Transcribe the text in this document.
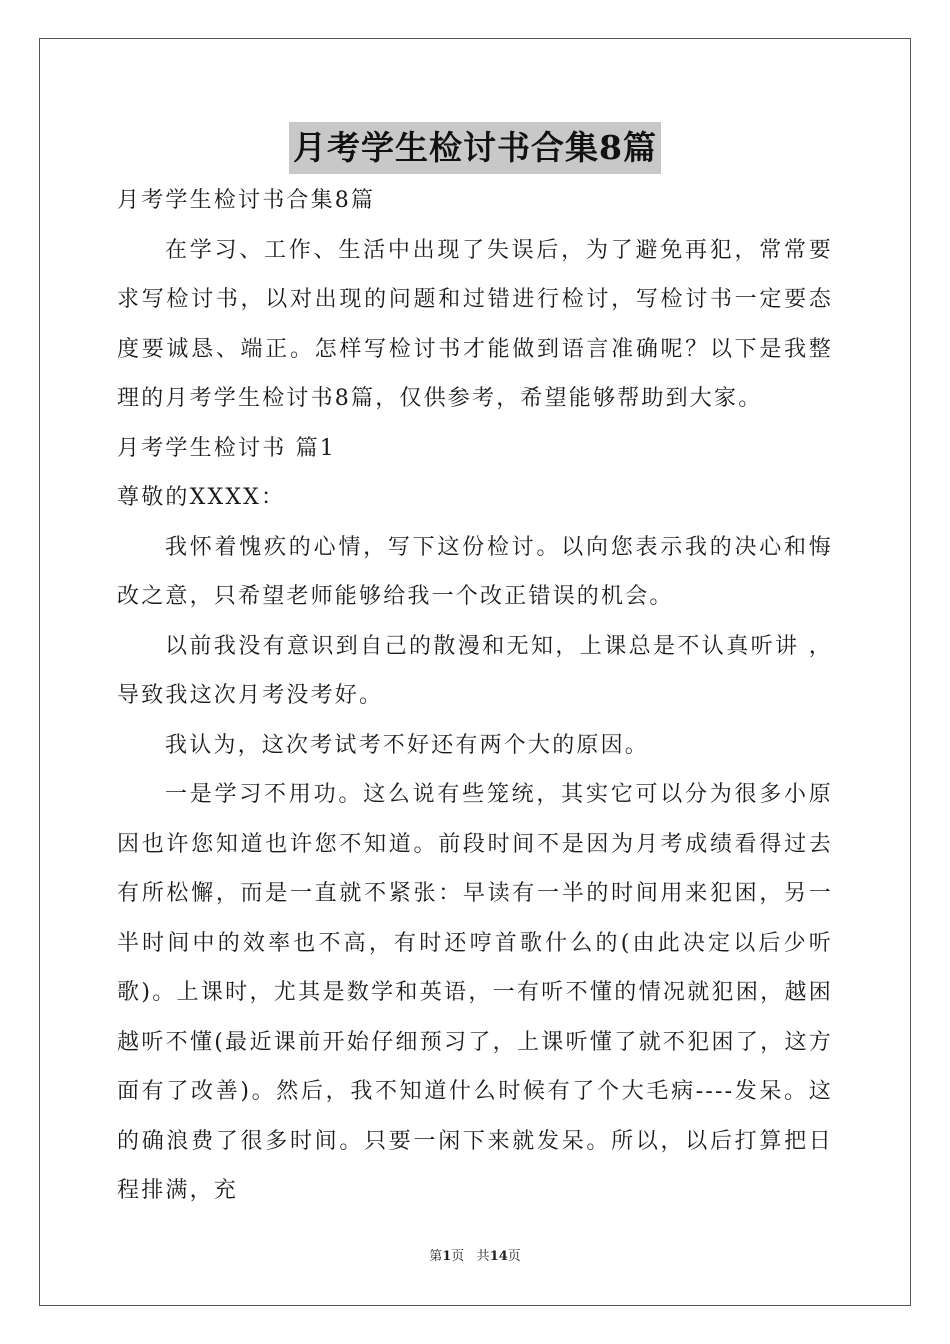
月考学生检讨书合集8篇

月考学生检讨书合集8篇

在学习、工作、生活中出现了失误后，为了避免再犯，常常要求写检讨书，以对出现的问题和过错进行检讨，写检讨书一定要态度要诚恳、端正。怎样写检讨书才能做到语言准确呢？以下是我整理的月考学生检讨书8篇，仅供参考，希望能够帮助到大家。

月考学生检讨书 篇1

尊敬的XXXX：

我怀着愧疚的心情，写下这份检讨。以向您表示我的决心和悔改之意，只希望老师能够给我一个改正错误的机会。

以前我没有意识到自己的散漫和无知，上课总是不认真听讲 ，导致我这次月考没考好。

我认为，这次考试考不好还有两个大的原因。

一是学习不用功。这么说有些笼统，其实它可以分为很多小原因也许您知道也许您不知道。前段时间不是因为月考成绩看得过去有所松懈，而是一直就不紧张：早读有一半的时间用来犯困，另一半时间中的效率也不高，有时还哼首歌什么的(由此决定以后少听歌)。上课时，尤其是数学和英语，一有听不懂的情况就犯困，越困越听不懂(最近课前开始仔细预习了，上课听懂了就不犯困了，这方面有了改善)。然后，我不知道什么时候有了个大毛病----发呆。这的确浪费了很多时间。只要一闲下来就发呆。所以，以后打算把日程排满，充

第1页 共14页
